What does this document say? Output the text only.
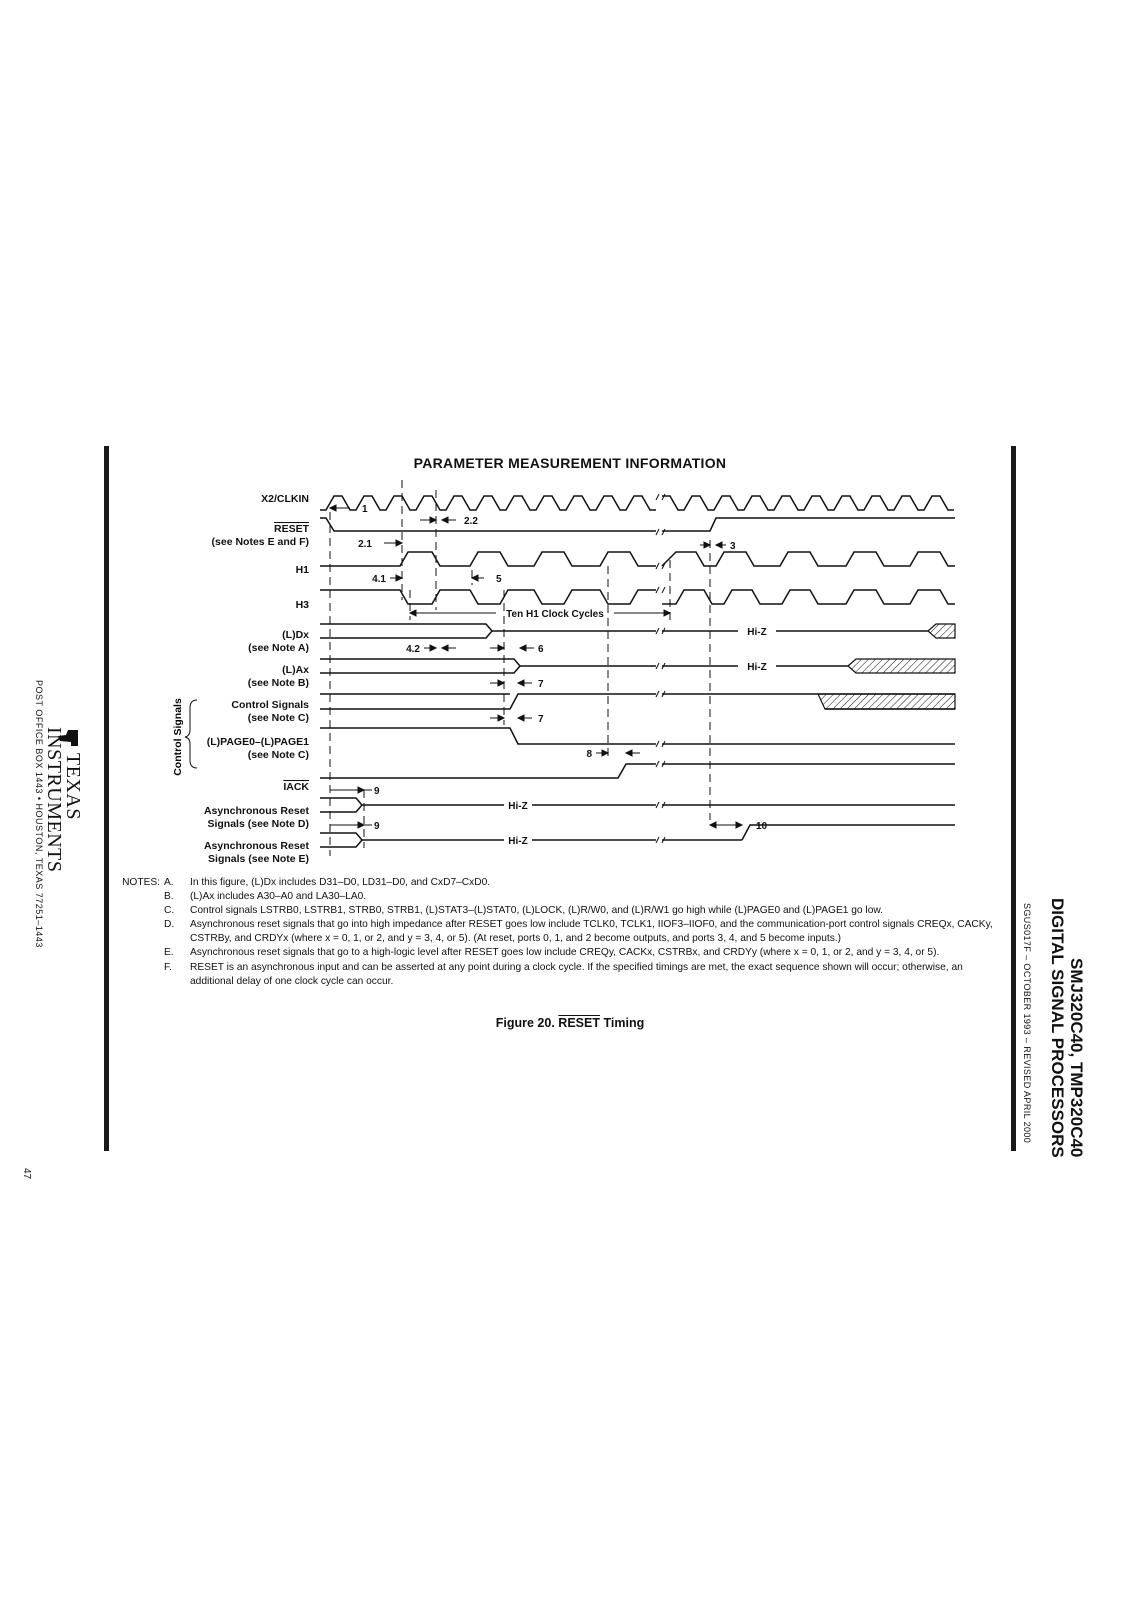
TEXAS
INSTRUMENTS
POST OFFICE BOX 1443 • HOUSTON, TEXAS 77251–1443
47
SMJ320C40, TMP320C40
DIGITAL SIGNAL PROCESSORS
SGUS017F – OCTOBER 1993 – REVISED APRIL 2000
PARAMETER MEASUREMENT INFORMATION
X2/CLKIN
RESET
(see Notes E and F)
H1
H3
(L)Dx
(see Note A)
(L)Ax
(see Note B)
Control Signals
(see Note C)
(L)PAGE0–(L)PAGE1
(see Note C)
IACK
Asynchronous Reset
Signals (see Note D)
Asynchronous Reset
Signals (see Note E)
Control Signals
1
2.1
2.2
3
4.1	5
4.2	6
7
7
8
9
9	10
Ten H1 Clock Cycles
Hi-Z
Hi-Z
Hi-Z
Hi-Z
NOTES: A.	In this figure, (L)Dx includes D31–D0, LD31–D0, and CxD7–CxD0.
B.	(L)Ax includes A30–A0 and LA30–LA0.
C.	Control signals LSTRB0, LSTRB1, STRB0, STRB1, (L)STAT3–(L)STAT0, (L)LOCK, (L)R/W0, and (L)R/W1 go high while (L)PAGE0 and (L)PAGE1 go low.
D.	Asynchronous reset signals that go into high impedance after RESET goes low include TCLK0, TCLK1, IIOF3–IIOF0, and the communication-port control signals CREQx, CACKy, CSTRBy, and CRDYx (where x = 0, 1, or 2, and y = 3, 4, or 5). (At reset, ports 0, 1, and 2 become outputs, and ports 3, 4, and 5 become inputs.)
E.	Asynchronous reset signals that go to a high-logic level after RESET goes low include CREQy, CACKx, CSTRBx, and CRDYy (where x = 0, 1, or 2, and y = 3, 4, or 5).
F.	RESET is an asynchronous input and can be asserted at any point during a clock cycle. If the specified timings are met, the exact sequence shown will occur; otherwise, an additional delay of one clock cycle can occur.
Figure 20. RESET Timing
